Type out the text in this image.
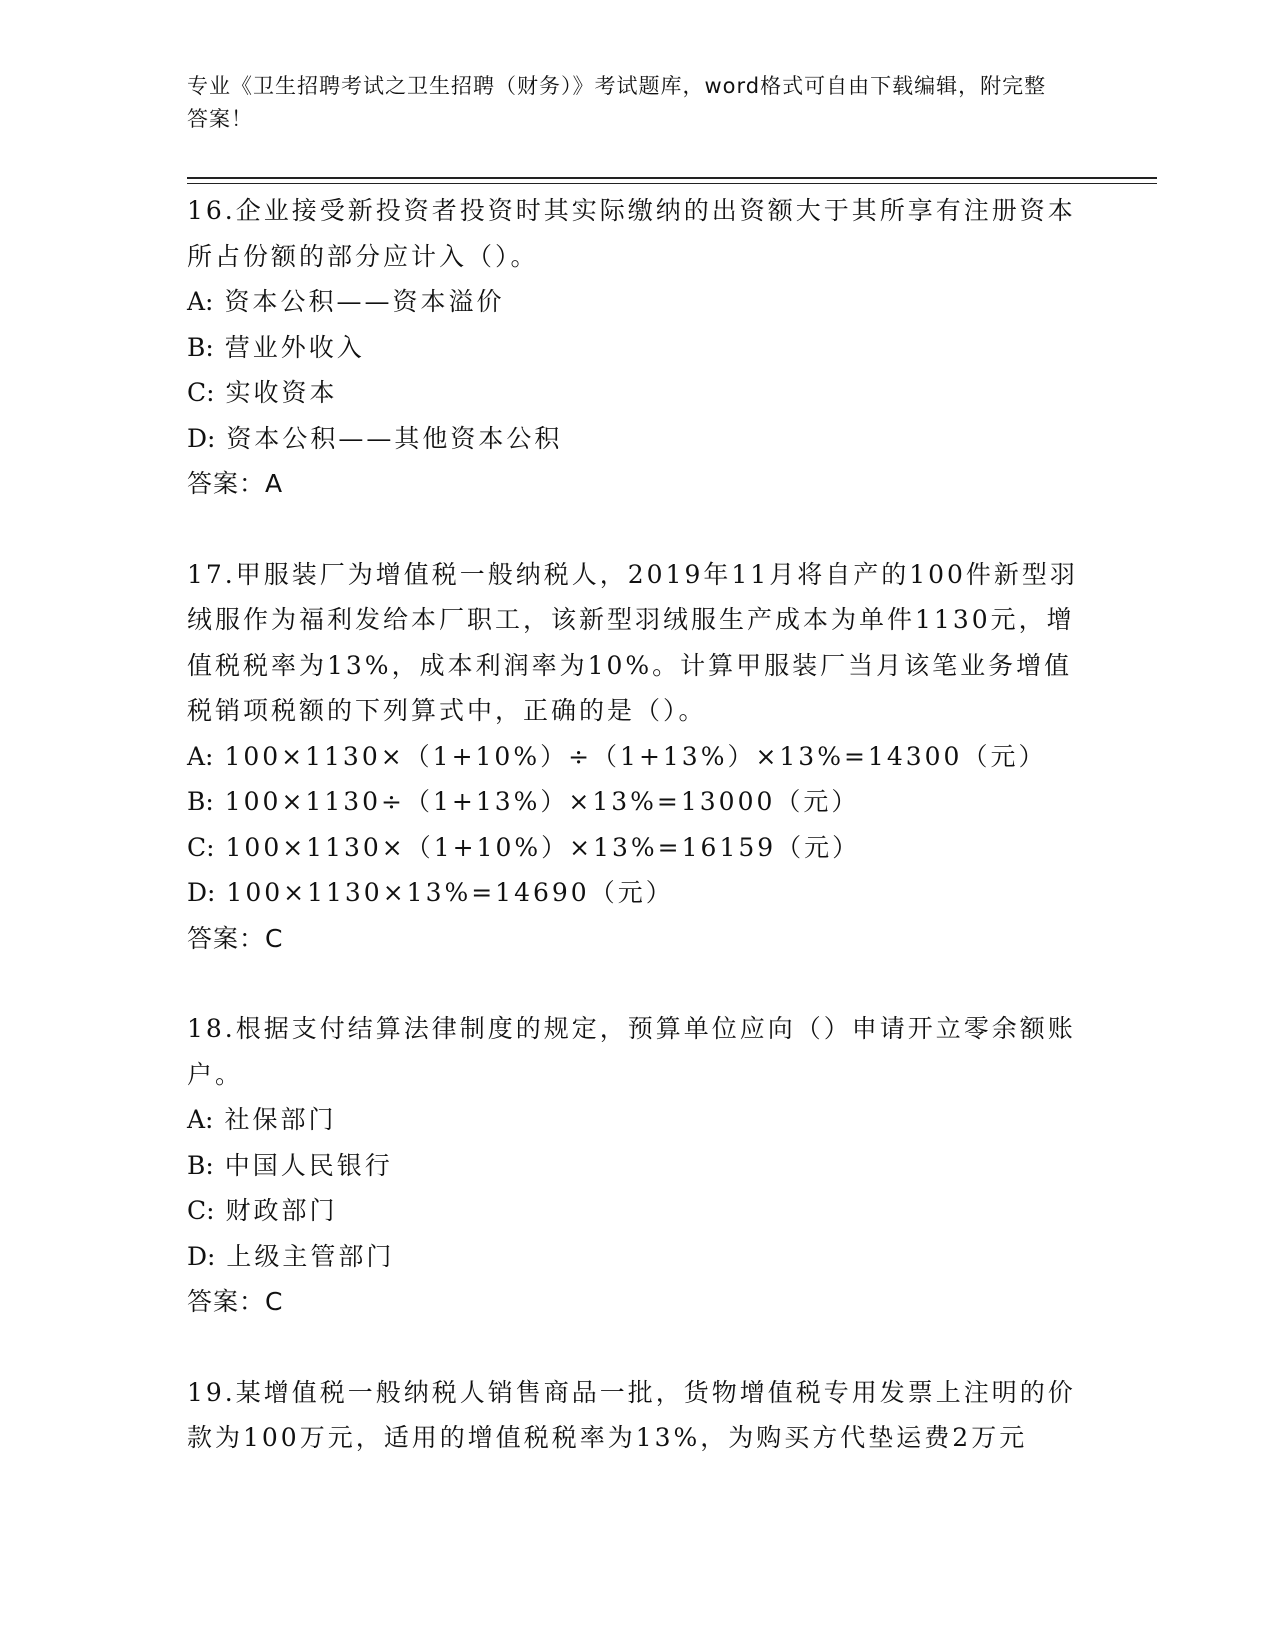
专业《卫生招聘考试之卫生招聘（财务）》考试题库，word格式可自由下载编辑，附完整答案！
16.企业接受新投资者投资时其实际缴纳的出资额大于其所享有注册资本所占份额的部分应计入（）。
A: 资本公积——资本溢价
B: 营业外收入
C: 实收资本
D: 资本公积——其他资本公积
答案：A
17.甲服装厂为增值税一般纳税人，2019年11月将自产的100件新型羽绒服作为福利发给本厂职工，该新型羽绒服生产成本为单件1130元，增值税税率为13%，成本利润率为10%。计算甲服装厂当月该笔业务增值税销项税额的下列算式中，正确的是（）。
A: 100×1130×（1+10%）÷（1+13%）×13%=14300（元）
B: 100×1130÷（1+13%）×13%=13000（元）
C: 100×1130×（1+10%）×13%=16159（元）
D: 100×1130×13%=14690（元）
答案：C
18.根据支付结算法律制度的规定，预算单位应向（）申请开立零余额账户。
A: 社保部门
B: 中国人民银行
C: 财政部门
D: 上级主管部门
答案：C
19.某增值税一般纳税人销售商品一批，货物增值税专用发票上注明的价款为100万元，适用的增值税税率为13%，为购买方代垫运费2万元
